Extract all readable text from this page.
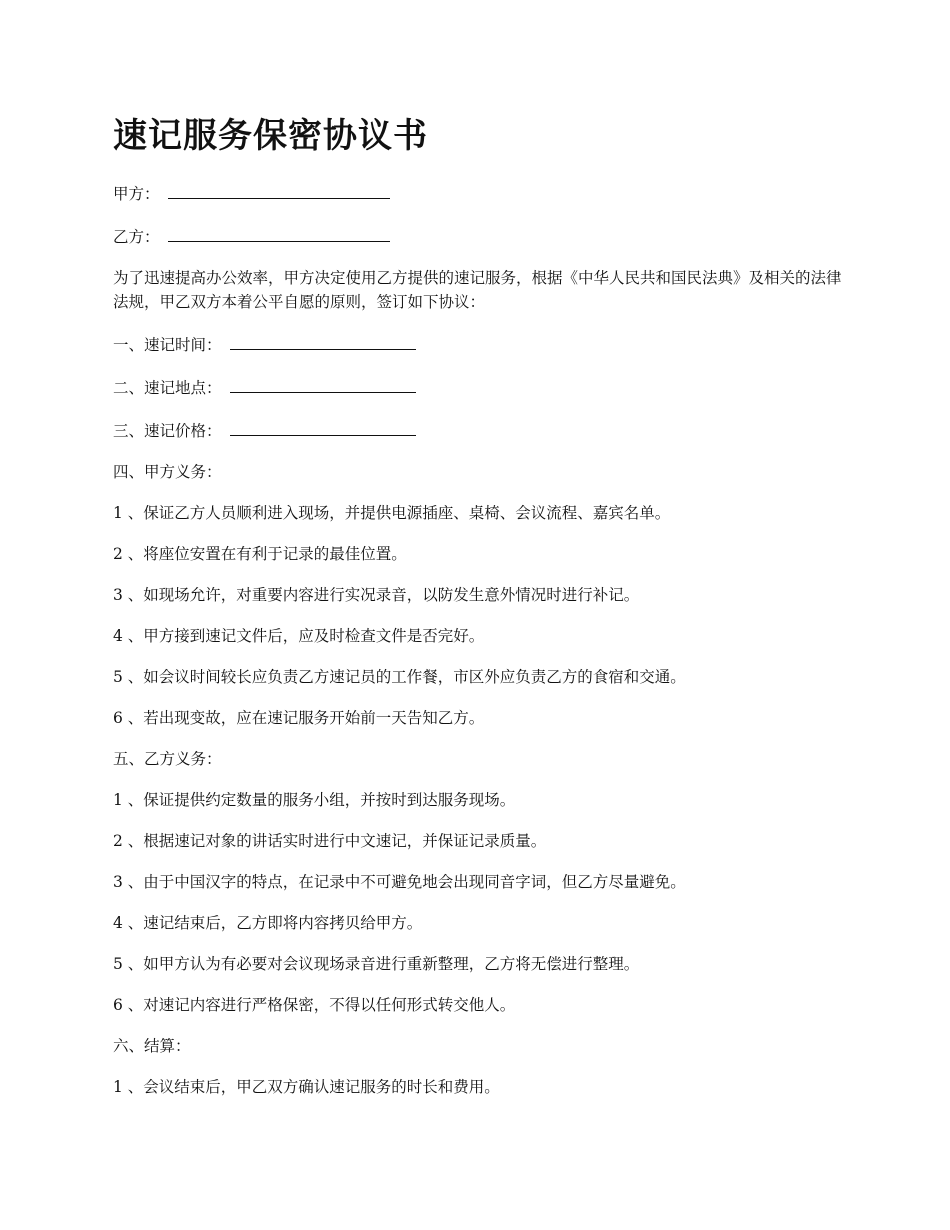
速记服务保密协议书
甲方：
乙方：

为了迅速提高办公效率，甲方决定使用乙方提供的速记服务，根据《中华人民共和国民法典》及相关的法律法规，甲乙双方本着公平自愿的原则，签订如下协议：

一、速记时间：
二、速记地点：
三、速记价格：
四、甲方义务：
1 、保证乙方人员顺利进入现场，并提供电源插座、桌椅、会议流程、嘉宾名单。
2 、将座位安置在有利于记录的最佳位置。
3 、如现场允许，对重要内容进行实况录音，以防发生意外情况时进行补记。
4 、甲方接到速记文件后，应及时检查文件是否完好。
5 、如会议时间较长应负责乙方速记员的工作餐，市区外应负责乙方的食宿和交通。
6 、若出现变故，应在速记服务开始前一天告知乙方。
五、乙方义务：
1 、保证提供约定数量的服务小组，并按时到达服务现场。
2 、根据速记对象的讲话实时进行中文速记，并保证记录质量。
3 、由于中国汉字的特点，在记录中不可避免地会出现同音字词，但乙方尽量避免。
4 、速记结束后，乙方即将内容拷贝给甲方。
5 、如甲方认为有必要对会议现场录音进行重新整理，乙方将无偿进行整理。
6 、对速记内容进行严格保密，不得以任何形式转交他人。
六、结算：
1 、会议结束后，甲乙双方确认速记服务的时长和费用。
